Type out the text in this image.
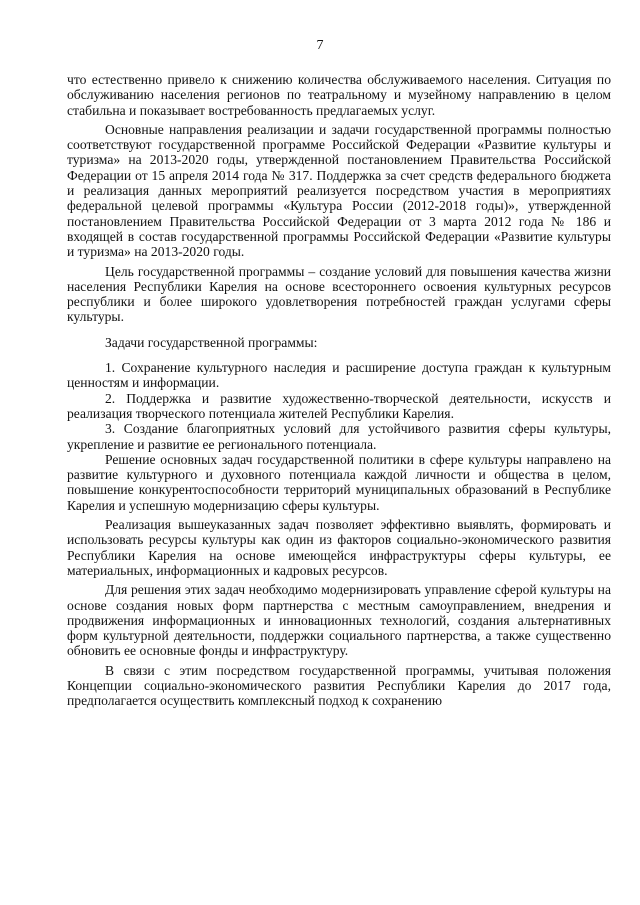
7

что естественно привело к снижению количества обслуживаемого населения. Ситуация по обслуживанию населения регионов по театральному и музейному направлению в целом стабильна и показывает востребованность предлагаемых услуг.

Основные направления реализации и задачи государственной программы полностью соответствуют государственной программе Российской Федерации «Развитие культуры и туризма» на 2013-2020 годы, утвержденной постановлением Правительства Российской Федерации от 15 апреля 2014 года № 317. Поддержка за счет средств федерального бюджета и реализация данных мероприятий реализуется посредством участия в мероприятиях федеральной целевой программы «Культура России (2012-2018 годы)», утвержденной постановлением Правительства Российской Федерации от 3 марта 2012 года № 186 и входящей в состав государственной программы Российской Федерации «Развитие культуры и туризма» на 2013-2020 годы.

Цель государственной программы – создание условий для повышения качества жизни населения Республики Карелия на основе всестороннего освоения культурных ресурсов республики и более широкого удовлетворения потребностей граждан услугами сферы культуры.

Задачи государственной программы:

1. Сохранение культурного наследия и расширение доступа граждан к культурным ценностям и информации.

2. Поддержка и развитие художественно-творческой деятельности, искусств и реализация творческого потенциала жителей Республики Карелия.

3. Создание благоприятных условий для устойчивого развития сферы культуры, укрепление и развитие ее регионального потенциала.

Решение основных задач государственной политики в сфере культуры направлено на развитие культурного и духовного потенциала каждой личности и общества в целом, повышение конкурентоспособности территорий муниципальных образований в Республике Карелия и успешную модернизацию сферы культуры.

Реализация вышеуказанных задач позволяет эффективно выявлять, формировать и использовать ресурсы культуры как один из факторов социально-экономического развития Республики Карелия на основе имеющейся инфраструктуры сферы культуры, ее материальных, информационных и кадровых ресурсов.

Для решения этих задач необходимо модернизировать управление сферой культуры на основе создания новых форм партнерства с местным самоуправлением, внедрения и продвижения информационных и инновационных технологий, создания альтернативных форм культурной деятельности, поддержки социального партнерства, а также существенно обновить ее основные фонды и инфраструктуру.

В связи с этим посредством государственной программы, учитывая положения Концепции социально-экономического развития Республики Карелия до 2017 года, предполагается осуществить комплексный подход к сохранению
